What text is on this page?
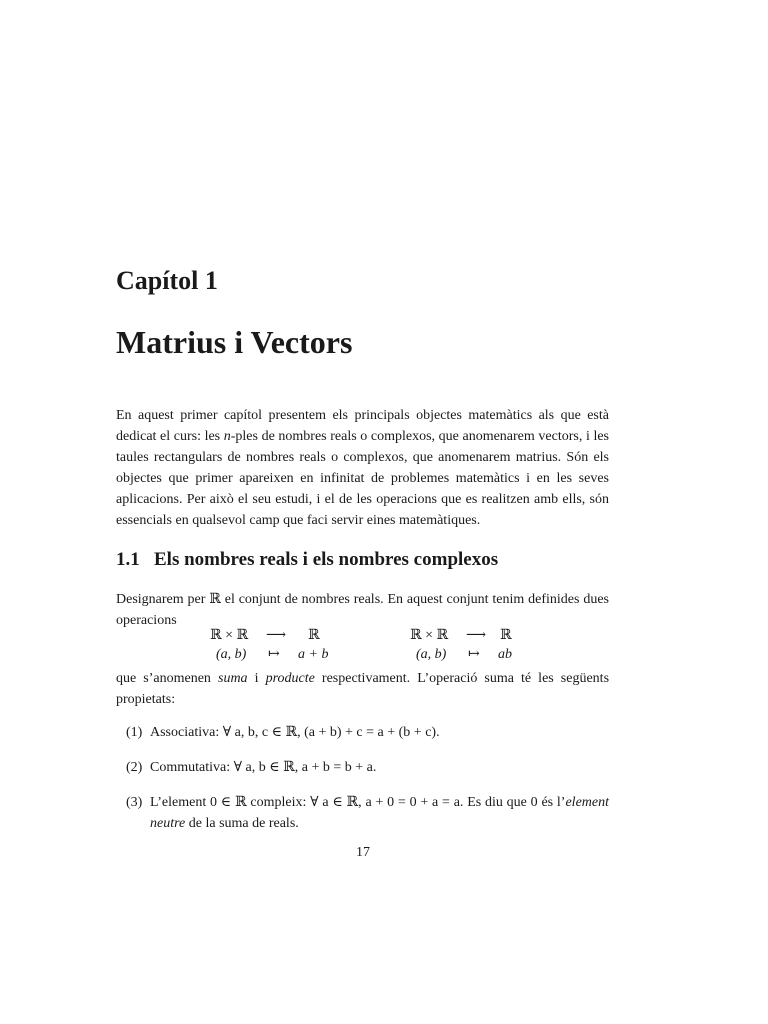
Capítol 1
Matrius i Vectors

En aquest primer capítol presentem els principals objectes matemàtics als que està dedicat el curs: les n-ples de nombres reals o complexos, que anomenarem vectors, i les taules rectangulars de nombres reals o complexos, que anomenarem matrius. Són els objectes que primer apareixen en infinitat de problemes matemàtics i en les seves aplicacions. Per això el seu estudi, i el de les operacions que es realitzen amb ells, són essencials en qualsevol camp que faci servir eines matemàtiques.

1.1 Els nombres reals i els nombres complexos

Designarem per ℝ el conjunt de nombres reals. En aquest conjunt tenim definides dues operacions

ℝ × ℝ ⟶ ℝ
(a, b) ↦ a + b
ℝ × ℝ ⟶ ℝ
(a, b) ↦ ab

que s’anomenen suma i producte respectivament. L’operació suma té les següents propietats:

(1) Associativa: ∀ a, b, c ∈ ℝ, (a + b) + c = a + (b + c).
(2) Commutativa: ∀ a, b ∈ ℝ, a + b = b + a.
(3) L’element 0 ∈ ℝ compleix: ∀ a ∈ ℝ, a + 0 = 0 + a = a. Es diu que 0 és l’element neutre de la suma de reals.
17
